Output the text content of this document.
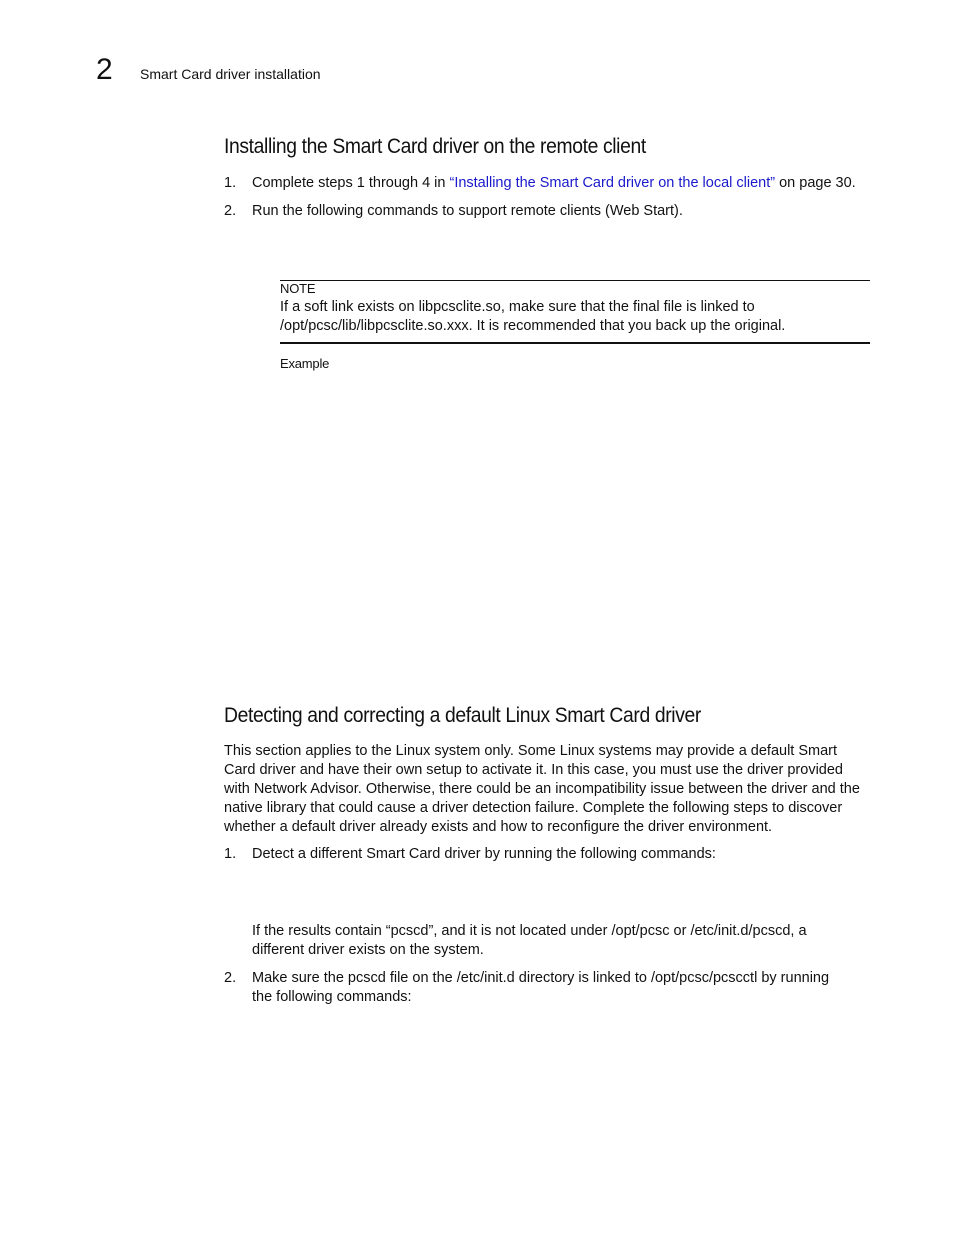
2 Smart Card driver installation
Installing the Smart Card driver on the remote client
1. Complete steps 1 through 4 in “Installing the Smart Card driver on the local client” on page 30.
2. Run the following commands to support remote clients (Web Start).
NOTE
If a soft link exists on libpcsclite.so, make sure that the final file is linked to
/opt/pcsc/lib/libpcsclite.so.xxx. It is recommended that you back up the original.
Example
Detecting and correcting a default Linux Smart Card driver
This section applies to the Linux system only. Some Linux systems may provide a default Smart
Card driver and have their own setup to activate it. In this case, you must use the driver provided
with Network Advisor. Otherwise, there could be an incompatibility issue between the driver and the
native library that could cause a driver detection failure. Complete the following steps to discover
whether a default driver already exists and how to reconfigure the driver environment.
1. Detect a different Smart Card driver by running the following commands:
If the results contain “pcscd”, and it is not located under /opt/pcsc or /etc/init.d/pcscd, a
different driver exists on the system.
2. Make sure the pcscd file on the /etc/init.d directory is linked to /opt/pcsc/pcscctl by running
the following commands:
